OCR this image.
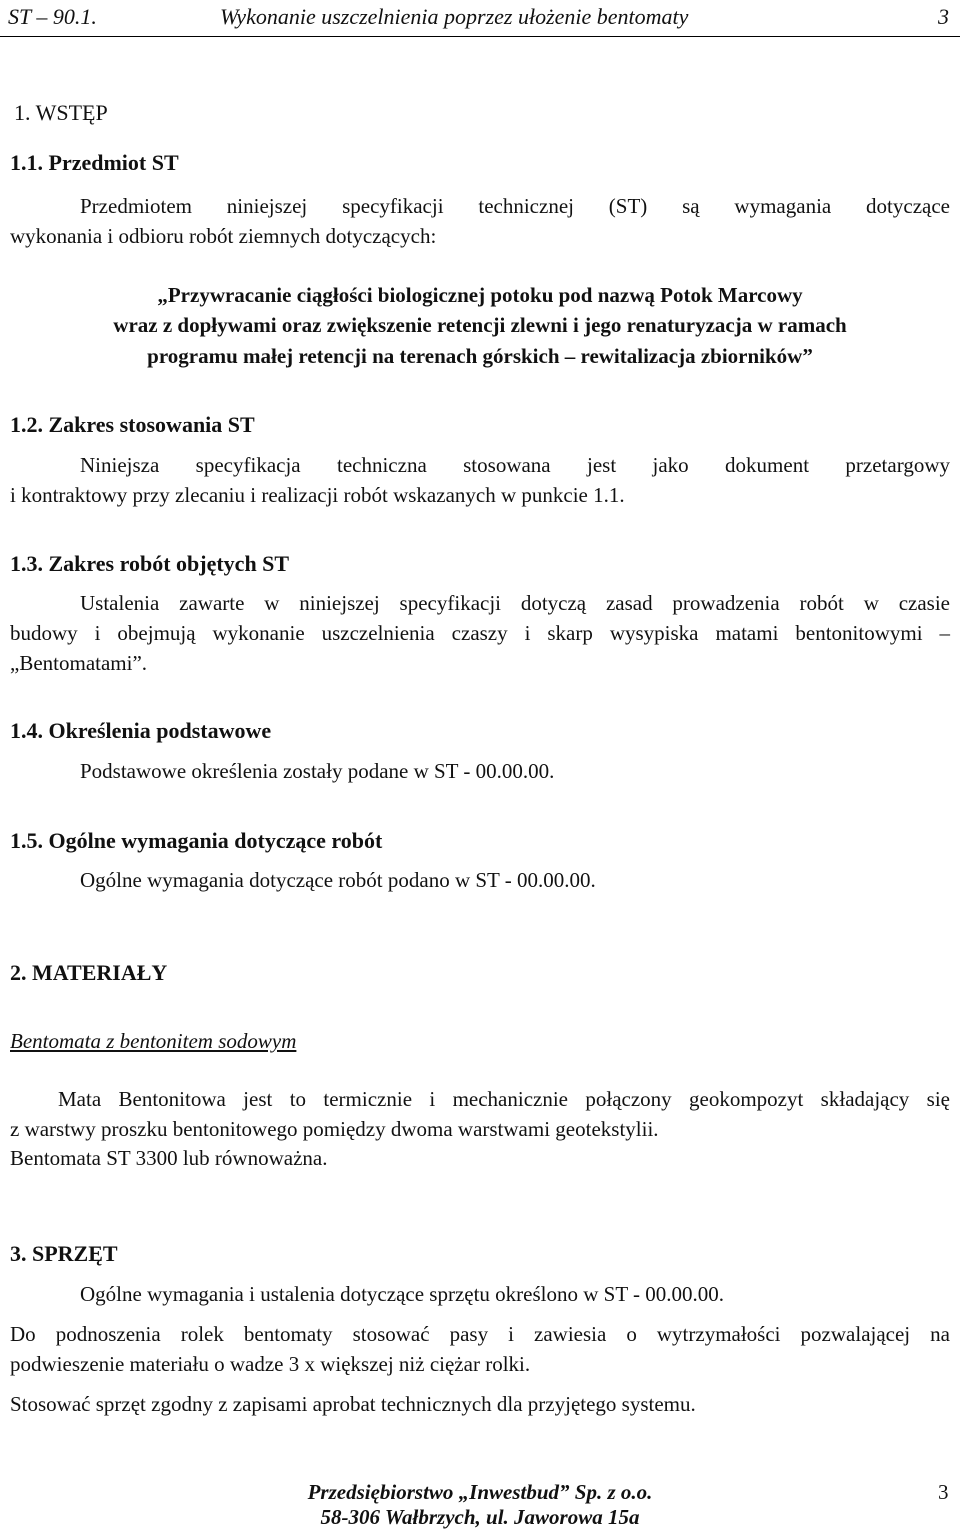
ST – 90.1.	Wykonanie uszczelnienia poprzez ułożenie bentomaty	3
1. WSTĘP
1.1. Przedmiot ST
Przedmiotem niniejszej specyfikacji technicznej (ST) są wymagania dotyczące
wykonania i odbioru robót ziemnych dotyczących:
„Przywracanie ciągłości biologicznej potoku pod nazwą Potok Marcowy
wraz z dopływami oraz zwiększenie retencji zlewni i jego renaturyzacja w ramach
programu małej retencji na terenach górskich – rewitalizacja zbiorników”
1.2. Zakres stosowania ST
Niniejsza specyfikacja techniczna stosowana jest jako dokument przetargowy
i kontraktowy przy zlecaniu i realizacji robót wskazanych w punkcie 1.1.
1.3. Zakres robót objętych ST
Ustalenia zawarte w niniejszej specyfikacji dotyczą zasad prowadzenia robót w czasie
budowy i obejmują wykonanie uszczelnienia czaszy i skarp wysypiska matami bentonitowymi –
„Bentomatami”.
1.4. Określenia podstawowe
Podstawowe określenia zostały podane w ST - 00.00.00.
1.5. Ogólne wymagania dotyczące robót
Ogólne wymagania dotyczące robót podano w ST - 00.00.00.
2. MATERIAŁY
Bentomata z bentonitem sodowym
Mata Bentonitowa jest to termicznie i mechanicznie połączony geokompozyt składający się
z warstwy proszku bentonitowego pomiędzy dwoma warstwami geotekstylii.
Bentomata ST 3300 lub równoważna.
3. SPRZĘT
Ogólne wymagania i ustalenia dotyczące sprzętu określono w ST - 00.00.00.
Do podnoszenia rolek bentomaty stosować pasy i zawiesia o wytrzymałości pozwalającej na
podwieszenie materiału o wadze 3 x większej niż ciężar rolki.
Stosować sprzęt zgodny z zapisami aprobat technicznych dla przyjętego systemu.
Przedsiębiorstwo „Inwestbud” Sp. z o.o.
58-306 Wałbrzych, ul. Jaworowa 15a
3
